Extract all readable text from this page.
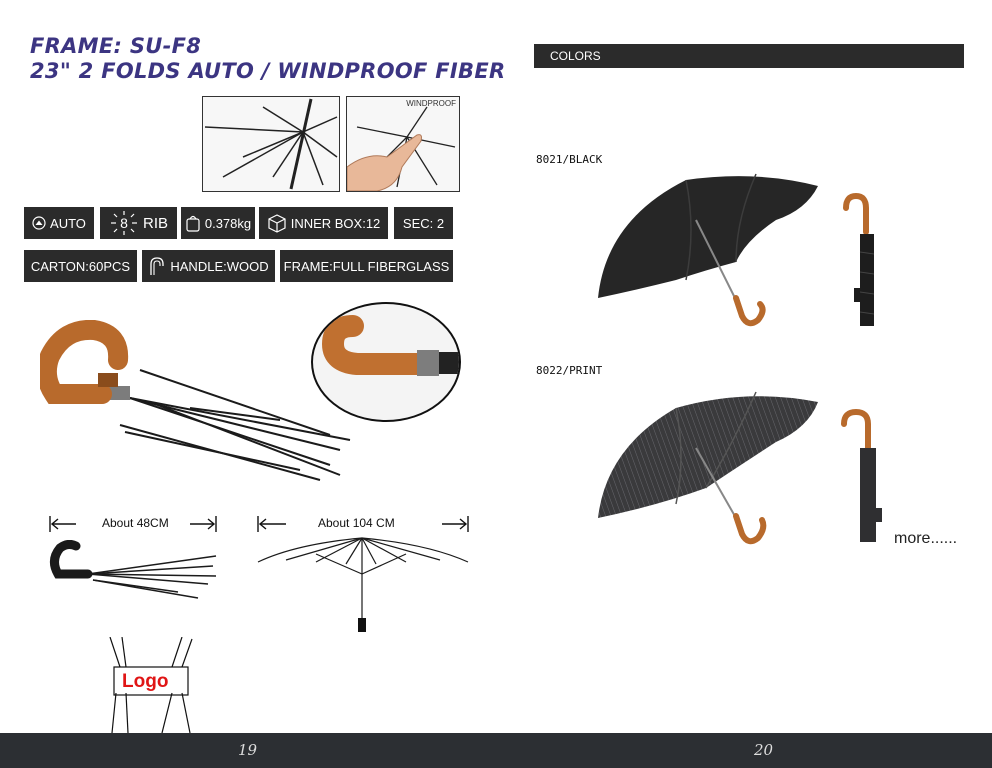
FRAME: SU-F8
23" 2 FOLDS AUTO / WINDPROOF FIBER
WINDPROOF
AUTO	8	RIB	0.378kg	INNER BOX:12 SEC: 2
CARTON:60PCS	HANDLE:WOOD FRAME:FULL FIBERGLASS
About 48CM	About 104 CM
Logo
COLORS
8021/BLACK
8022/PRINT
more......
19	20
